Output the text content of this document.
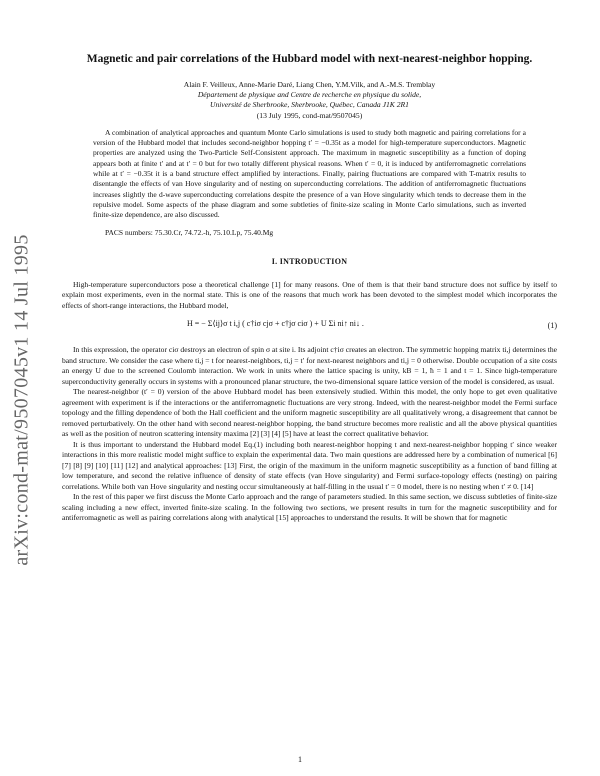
arXiv:cond-mat/9507045v1 14 Jul 1995
Magnetic and pair correlations of the Hubbard model with next-nearest-neighbor hopping.
Alain F. Veilleux, Anne-Marie Daré, Liang Chen, Y.M.Vilk, and A.-M.S. Tremblay
Département de physique and Centre de recherche en physique du solide,
Université de Sherbrooke, Sherbrooke, Québec, Canada J1K 2R1
(13 July 1995, cond-mat/9507045)

A combination of analytical approaches and quantum Monte Carlo simulations is used to study both magnetic and pairing correlations for a version of the Hubbard model that includes second-neighbor hopping t′ = −0.35t as a model for high-temperature superconductors. Magnetic properties are analyzed using the Two-Particle Self-Consistent approach. The maximum in magnetic susceptibility as a function of doping appears both at finite t′ and at t′ = 0 but for two totally different physical reasons. When t′ = 0, it is induced by antiferromagnetic correlations while at t′ = −0.35t it is a band structure effect amplified by interactions. Finally, pairing fluctuations are compared with T-matrix results to disentangle the effects of van Hove singularity and of nesting on superconducting correlations. The addition of antiferromagnetic fluctuations increases slightly the d-wave superconducting correlations despite the presence of a van Hove singularity which tends to decrease them in the repulsive model. Some aspects of the phase diagram and some subtleties of finite-size scaling in Monte Carlo simulations, such as inverted finite-size dependence, are also discussed.

PACS numbers: 75.30.Cr, 74.72.-h, 75.10.Lp, 75.40.Mg

I. INTRODUCTION

High-temperature superconductors pose a theoretical challenge [1] for many reasons. One of them is that their band structure does not suffice by itself to explain most experiments, even in the normal state. This is one of the reasons that much work has been devoted to the simplest model which incorporates the effects of short-range interactions, the Hubbard model,

H = − Σ⟨ij⟩σ t i,j ( c†iσ cjσ + c†jσ ciσ ) + U Σi ni↑ ni↓ .	(1)

In this expression, the operator ciσ destroys an electron of spin σ at site i. Its adjoint c†iσ creates an electron. The symmetric hopping matrix ti,j determines the band structure. We consider the case where ti,j = t for nearest-neighbors, ti,j = t′ for next-nearest neighbors and ti,j = 0 otherwise. Double occupation of a site costs an energy U due to the screened Coulomb interaction. We work in units where the lattice spacing is unity, kB = 1, ħ = 1 and t = 1. Since high-temperature superconductivity generally occurs in systems with a pronounced planar structure, the two-dimensional square lattice version of the model is considered, as usual.

The nearest-neighbor (t′ = 0) version of the above Hubbard model has been extensively studied. Within this model, the only hope to get even qualitative agreement with experiment is if the interactions or the antiferromagnetic fluctuations are very strong. Indeed, with the nearest-neighbor model the Fermi surface topology and the filling dependence of both the Hall coefficient and the uniform magnetic susceptibility are all qualitatively wrong, a disagreement that cannot be removed perturbatively. On the other hand with second nearest-neighbor hopping, the band structure becomes more realistic and all the above physical quantities as well as the position of neutron scattering intensity maxima [2] [3] [4] [5] have at least the correct qualitative behavior.

It is thus important to understand the Hubbard model Eq.(1) including both nearest-neighbor hopping t and next-nearest-neighbor hopping t′ since weaker interactions in this more realistic model might suffice to explain the experimental data. Two main questions are addressed here by a combination of numerical [6] [7] [8] [9] [10] [11] [12] and analytical approaches: [13] First, the origin of the maximum in the uniform magnetic susceptibility as a function of band filling at low temperature, and second the relative influence of density of state effects (van Hove singularity) and Fermi surface-topology effects (nesting) on pairing correlations. While both van Hove singularity and nesting occur simultaneously at half-filling in the usual t′ = 0 model, there is no nesting when t′ ≠ 0. [14]

In the rest of this paper we first discuss the Monte Carlo approach and the range of parameters studied. In this same section, we discuss subtleties of finite-size scaling including a new effect, inverted finite-size scaling. In the following two sections, we present results in turn for the magnetic susceptibility and for antiferromagnetic as well as pairing correlations along with analytical [15] approaches to understand the results. It will be shown that for magnetic

1
